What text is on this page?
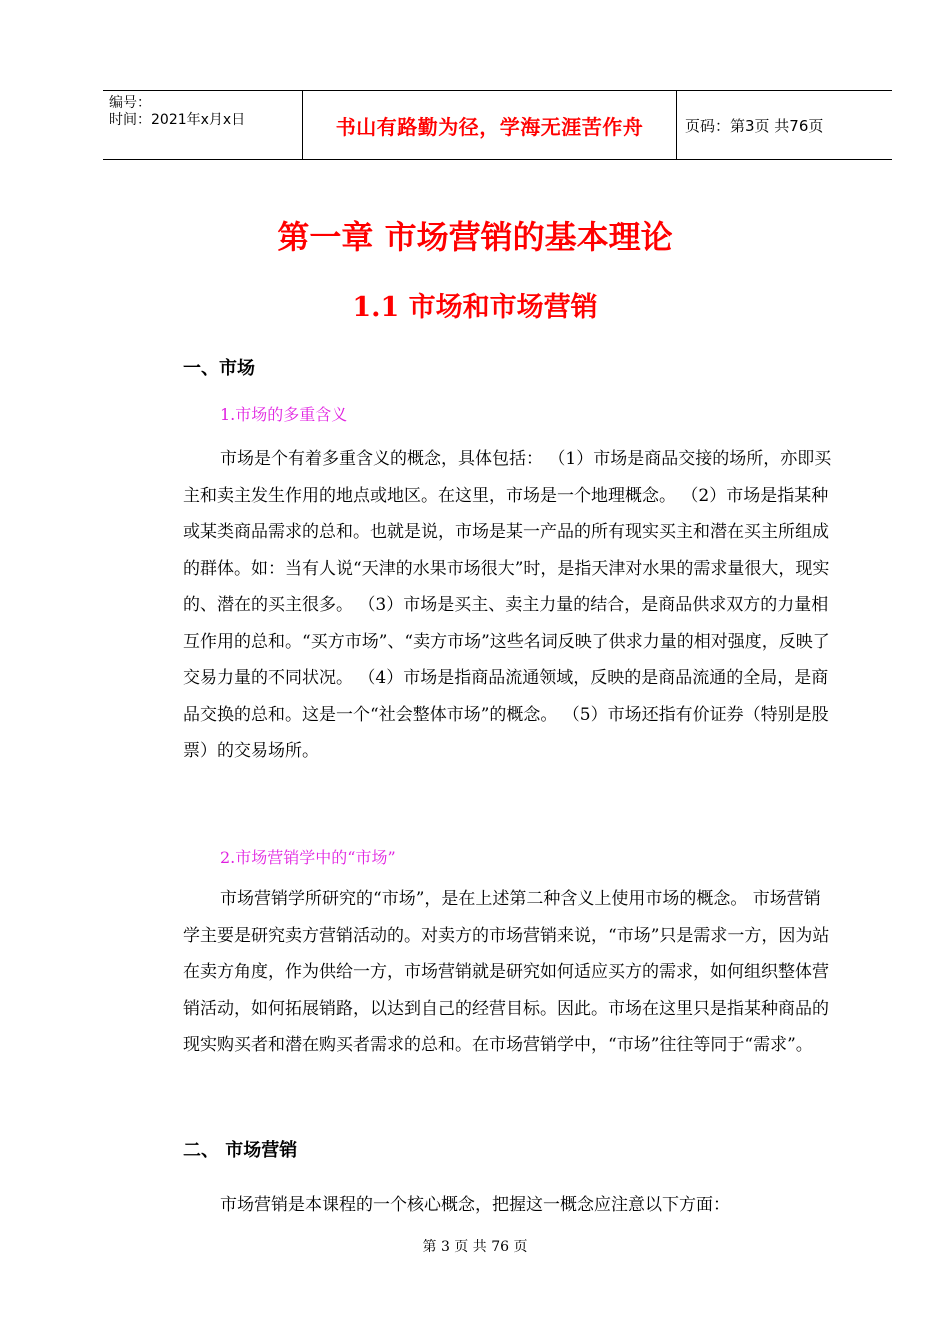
编号：
时间：2021年x月x日	书山有路勤为径，学海无涯苦作舟	页码：第3页 共76页
第一章 市场营销的基本理论
1.1 市场和市场营销
一、市场
1.市场的多重含义

市场是个有着多重含义的概念，具体包括： （1）市场是商品交接的场所，亦即买主和卖主发生作用的地点或地区。在这里，市场是一个地理概念。 （2）市场是指某种或某类商品需求的总和。也就是说，市场是某一产品的所有现实买主和潜在买主所组成的群体。如：当有人说“天津的水果市场很大”时，是指天津对水果的需求量很大，现实的、潜在的买主很多。 （3）市场是买主、卖主力量的结合，是商品供求双方的力量相互作用的总和。“买方市场”、“卖方市场”这些名词反映了供求力量的相对强度，反映了交易力量的不同状况。 （4）市场是指商品流通领域，反映的是商品流通的全局，是商品交换的总和。这是一个“社会整体市场”的概念。 （5）市场还指有价证券（特别是股票）的交易场所。

2.市场营销学中的“市场”

市场营销学所研究的“市场”，是在上述第二种含义上使用市场的概念。 市场营销学主要是研究卖方营销活动的。对卖方的市场营销来说，“市场”只是需求一方，因为站在卖方角度，作为供给一方，市场营销就是研究如何适应买方的需求，如何组织整体营销活动，如何拓展销路，以达到自己的经营目标。因此。市场在这里只是指某种商品的现实购买者和潜在购买者需求的总和。在市场营销学中，“市场”往往等同于“需求”。

二、 市场营销

市场营销是本课程的一个核心概念，把握这一概念应注意以下方面：

第 3 页 共 76 页
